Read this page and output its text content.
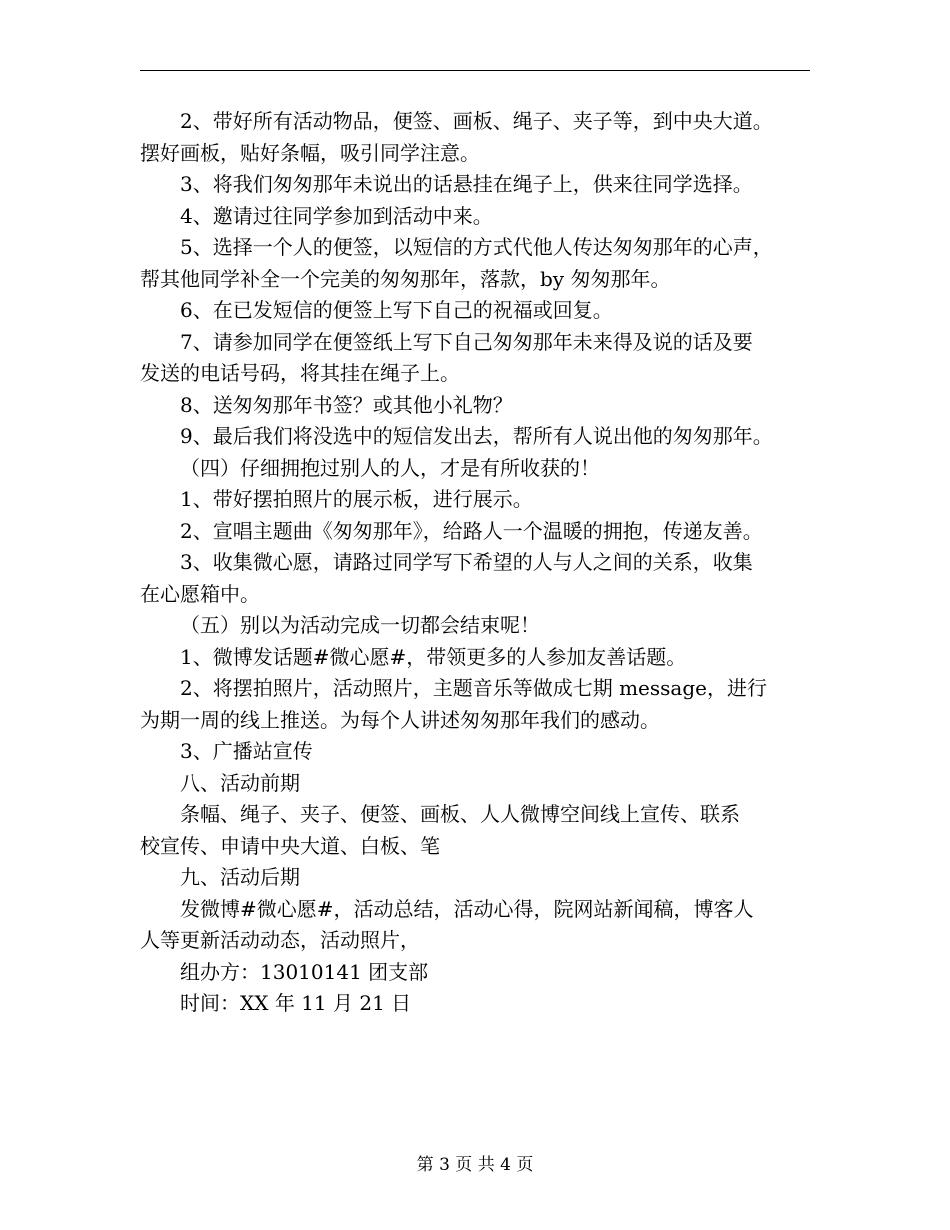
2、带好所有活动物品，便签、画板、绳子、夹子等，到中央大道。

摆好画板，贴好条幅，吸引同学注意。

3、将我们匆匆那年未说出的话悬挂在绳子上，供来往同学选择。

4、邀请过往同学参加到活动中来。

5、选择一个人的便签，以短信的方式代他人传达匆匆那年的心声，

帮其他同学补全一个完美的匆匆那年，落款，by 匆匆那年。

6、在已发短信的便签上写下自己的祝福或回复。

7、请参加同学在便签纸上写下自己匆匆那年未来得及说的话及要

发送的电话号码，将其挂在绳子上。

8、送匆匆那年书签？或其他小礼物？

9、最后我们将没选中的短信发出去，帮所有人说出他的匆匆那年。

（四）仔细拥抱过别人的人，才是有所收获的！

1、带好摆拍照片的展示板，进行展示。

2、宣唱主题曲《匆匆那年》，给路人一个温暖的拥抱，传递友善。

3、收集微心愿，请路过同学写下希望的人与人之间的关系，收集

在心愿箱中。

（五）别以为活动完成一切都会结束呢！

1、微博发话题#微心愿#，带领更多的人参加友善话题。

2、将摆拍照片，活动照片，主题音乐等做成七期 message，进行

为期一周的线上推送。为每个人讲述匆匆那年我们的感动。

3、广播站宣传

八、活动前期

条幅、绳子、夹子、便签、画板、人人微博空间线上宣传、联系

校宣传、申请中央大道、白板、笔

九、活动后期

发微博#微心愿#，活动总结，活动心得，院网站新闻稿，博客人

人等更新活动动态，活动照片，

组办方：13010141 团支部

时间：XX 年 11 月 21 日

第 3 页 共 4 页
